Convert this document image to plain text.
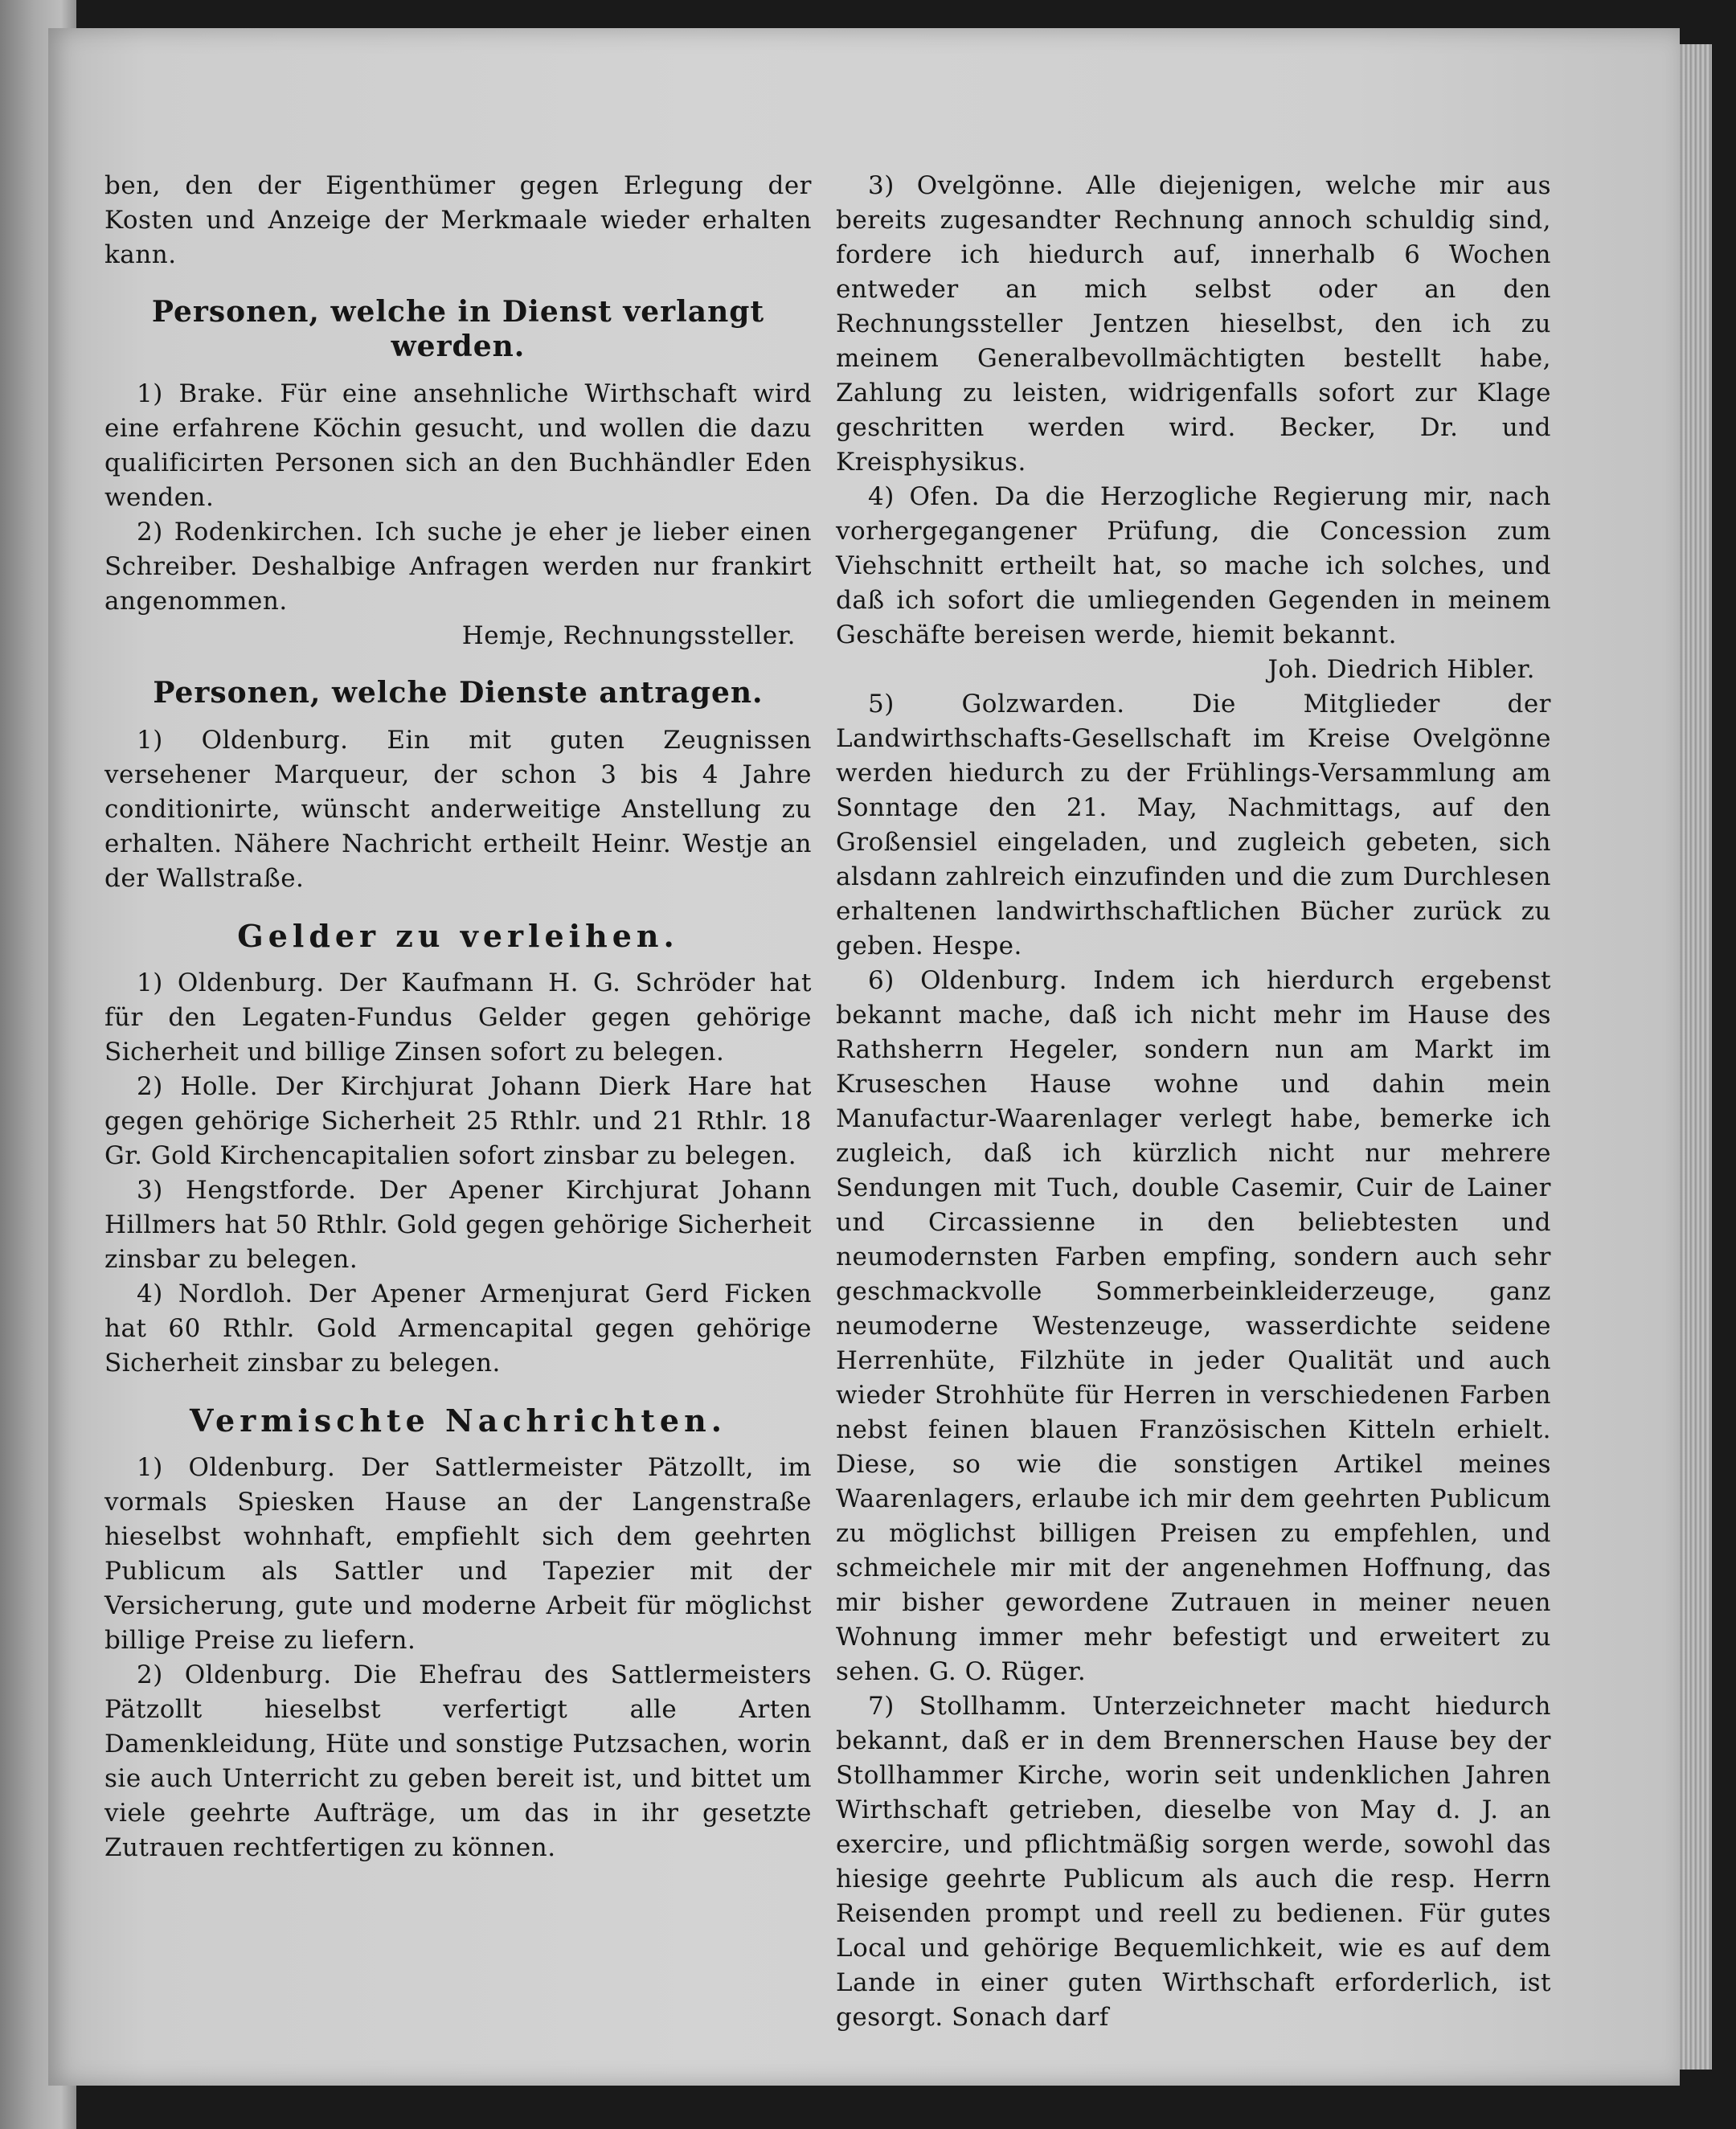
ben, den der Eigenthümer gegen Erlegung der Kosten und Anzeige der Merkmaale wieder erhalten kann.

Personen, welche in Dienst verlangt werden.

1) Brake. Für eine ansehnliche Wirthschaft wird eine erfahrene Köchin gesucht, und wollen die dazu qualificirten Personen sich an den Buchhändler Eden wenden.

2) Rodenkirchen. Ich suche je eher je lieber einen Schreiber. Deshalbige Anfragen werden nur frankirt angenommen.

Hemje, Rechnungssteller.

Personen, welche Dienste antragen.

1) Oldenburg. Ein mit guten Zeugnissen versehener Marqueur, der schon 3 bis 4 Jahre conditionirte, wünscht anderweitige Anstellung zu erhalten. Nähere Nachricht ertheilt Heinr. Westje an der Wallstraße.

Gelder zu verleihen.

1) Oldenburg. Der Kaufmann H. G. Schröder hat für den Legaten-Fundus Gelder gegen gehörige Sicherheit und billige Zinsen sofort zu belegen.

2) Holle. Der Kirchjurat Johann Dierk Hare hat gegen gehörige Sicherheit 25 Rthlr. und 21 Rthlr. 18 Gr. Gold Kirchencapitalien sofort zinsbar zu belegen.

3) Hengstforde. Der Apener Kirchjurat Johann Hillmers hat 50 Rthlr. Gold gegen gehörige Sicherheit zinsbar zu belegen.

4) Nordloh. Der Apener Armenjurat Gerd Ficken hat 60 Rthlr. Gold Armencapital gegen gehörige Sicherheit zinsbar zu belegen.

Vermischte Nachrichten.

1) Oldenburg. Der Sattlermeister Pätzollt, im vormals Spiesken Hause an der Langenstraße hieselbst wohnhaft, empfiehlt sich dem geehrten Publicum als Sattler und Tapezier mit der Versicherung, gute und moderne Arbeit für möglichst billige Preise zu liefern.

2) Oldenburg. Die Ehefrau des Sattlermeisters Pätzollt hieselbst verfertigt alle Arten Damenkleidung, Hüte und sonstige Putzsachen, worin sie auch Unterricht zu geben bereit ist, und bittet um viele geehrte Aufträge, um das in ihr gesetzte Zutrauen rechtfertigen zu können.

3) Ovelgönne. Alle diejenigen, welche mir aus bereits zugesandter Rechnung annoch schuldig sind, fordere ich hiedurch auf, innerhalb 6 Wochen entweder an mich selbst oder an den Rechnungssteller Jentzen hieselbst, den ich zu meinem Generalbevollmächtigten bestellt habe, Zahlung zu leisten, widrigenfalls sofort zur Klage geschritten werden wird. Becker, Dr. und Kreisphysikus.

4) Ofen. Da die Herzogliche Regierung mir, nach vorhergegangener Prüfung, die Concession zum Viehschnitt ertheilt hat, so mache ich solches, und daß ich sofort die umliegenden Gegenden in meinem Geschäfte bereisen werde, hiemit bekannt.

Joh. Diedrich Hibler.

5) Golzwarden. Die Mitglieder der Landwirthschafts-Gesellschaft im Kreise Ovelgönne werden hiedurch zu der Frühlings-Versammlung am Sonntage den 21. May, Nachmittags, auf den Großensiel eingeladen, und zugleich gebeten, sich alsdann zahlreich einzufinden und die zum Durchlesen erhaltenen landwirthschaftlichen Bücher zurück zu geben. Hespe.

6) Oldenburg. Indem ich hierdurch ergebenst bekannt mache, daß ich nicht mehr im Hause des Rathsherrn Hegeler, sondern nun am Markt im Kruseschen Hause wohne und dahin mein Manufactur-Waarenlager verlegt habe, bemerke ich zugleich, daß ich kürzlich nicht nur mehrere Sendungen mit Tuch, double Casemir, Cuir de Lainer und Circassienne in den beliebtesten und neumodernsten Farben empfing, sondern auch sehr geschmackvolle Sommerbeinkleiderzeuge, ganz neumoderne Westenzeuge, wasserdichte seidene Herrenhüte, Filzhüte in jeder Qualität und auch wieder Strohhüte für Herren in verschiedenen Farben nebst feinen blauen Französischen Kitteln erhielt. Diese, so wie die sonstigen Artikel meines Waarenlagers, erlaube ich mir dem geehrten Publicum zu möglichst billigen Preisen zu empfehlen, und schmeichele mir mit der angenehmen Hoffnung, das mir bisher gewordene Zutrauen in meiner neuen Wohnung immer mehr befestigt und erweitert zu sehen. G. O. Rüger.

7) Stollhamm. Unterzeichneter macht hiedurch bekannt, daß er in dem Brennerschen Hause bey der Stollhammer Kirche, worin seit undenklichen Jahren Wirthschaft getrieben, dieselbe von May d. J. an exercire, und pflichtmäßig sorgen werde, sowohl das hiesige geehrte Publicum als auch die resp. Herrn Reisenden prompt und reell zu bedienen. Für gutes Local und gehörige Bequemlichkeit, wie es auf dem Lande in einer guten Wirthschaft erforderlich, ist gesorgt. Sonach darf
